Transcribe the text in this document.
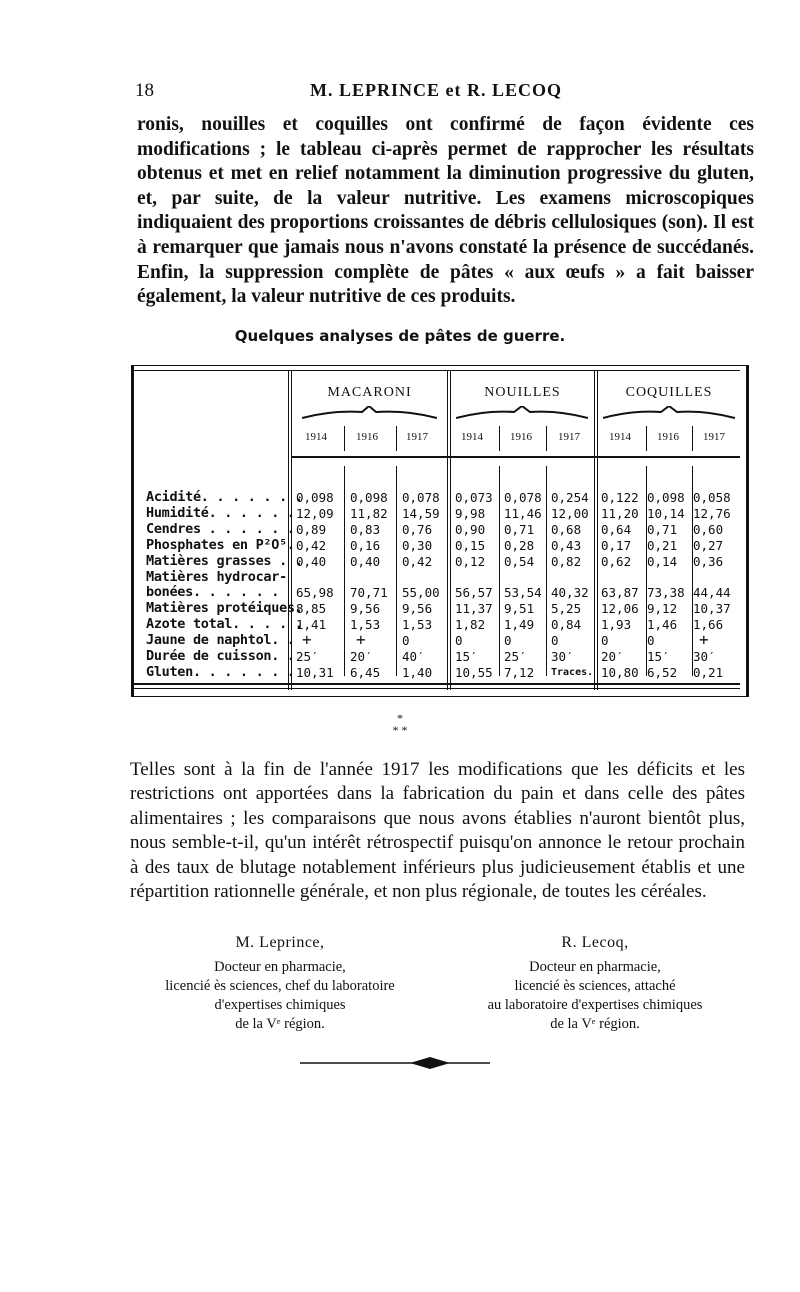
18	M. LEPRINCE et R. LECOQ

ronis, nouilles et coquilles ont confirmé de façon évidente ces modifications ; le tableau ci-après permet de rapprocher les résultats obtenus et met en relief notamment la diminution progressive du gluten, et, par suite, de la valeur nutritive. Les examens microscopiques indiquaient des proportions croissantes de débris cellulosiques (son). Il est à remarquer que jamais nous n'avons constaté la présence de succédanés. Enfin, la suppression complète de pâtes « aux œufs » a fait baisser également, la valeur nutritive de ces produits.

Quelques analyses de pâtes de guerre.
MACARONI	NOUILLES	COQUILLES
1914	1916	1917	1914	1916	1917	1914	1916	1917
Acidité. . . . . . .
0,098 0,098 0,078 0,073 0,078 0,254 0,122 0,098 0,058
Humidité. . . . . . 12,09 11,82 14,59 9,98 11,46 12,00 11,20 10,14 12,76
Cendres . . . . . . 0,89 0,83 0,76 0,90 0,71 0,68 0,64 0,71 0,60
Phosphates en P²O⁵. 0,42 0,16 0,30 0,15 0,28 0,43 0,17 0,21 0,27
Matières grasses . .
0,40 0,40 0,42 0,12 0,54 0,82 0,62 0,14 0,36
Matières hydrocar-
bonées. . . . . . 65,98 70,71 55,00 56,57 53,54 40,32 63,87 73,38 44,44
Matières protéiques.
8,85 9,56 9,56 11,37 9,51 5,25 12,06 9,12 10,37
Azote total. . . . .
1,41 1,53 1,53 1,82 1,49 0,84 1,93 1,46 1,66
Jaune de naphtol. . +	+	0	0	0	0	0	0	+
Durée de cuisson. . 25′	20′ 40′ 15′ 25′ 30′ 20′ 15′ 30′
Gluten. . . . . . . 10,31 6,45 1,40 10,55 7,12 Traces. 10,80 6,52 0,21
*
* *

Telles sont à la fin de l'année 1917 les modifications que les déficits et les restrictions ont apportées dans la fabrication du pain et dans celle des pâtes alimentaires ; les comparaisons que nous avons établies n'auront bientôt plus, nous semble-t-il, qu'un intérêt rétrospectif puisqu'on annonce le retour prochain à des taux de blutage notablement inférieurs plus judicieusement établis et une répartition rationnelle générale, et non plus régionale, de toutes les céréales.

M. Leprince,
Docteur en pharmacie,
licencié ès sciences, chef du laboratoire
d'expertises chimiques
de la Vᵉ région.
R. Lecoq,
Docteur en pharmacie,
licencié ès sciences, attaché
au laboratoire d'expertises chimiques
de la Vᵉ région.
